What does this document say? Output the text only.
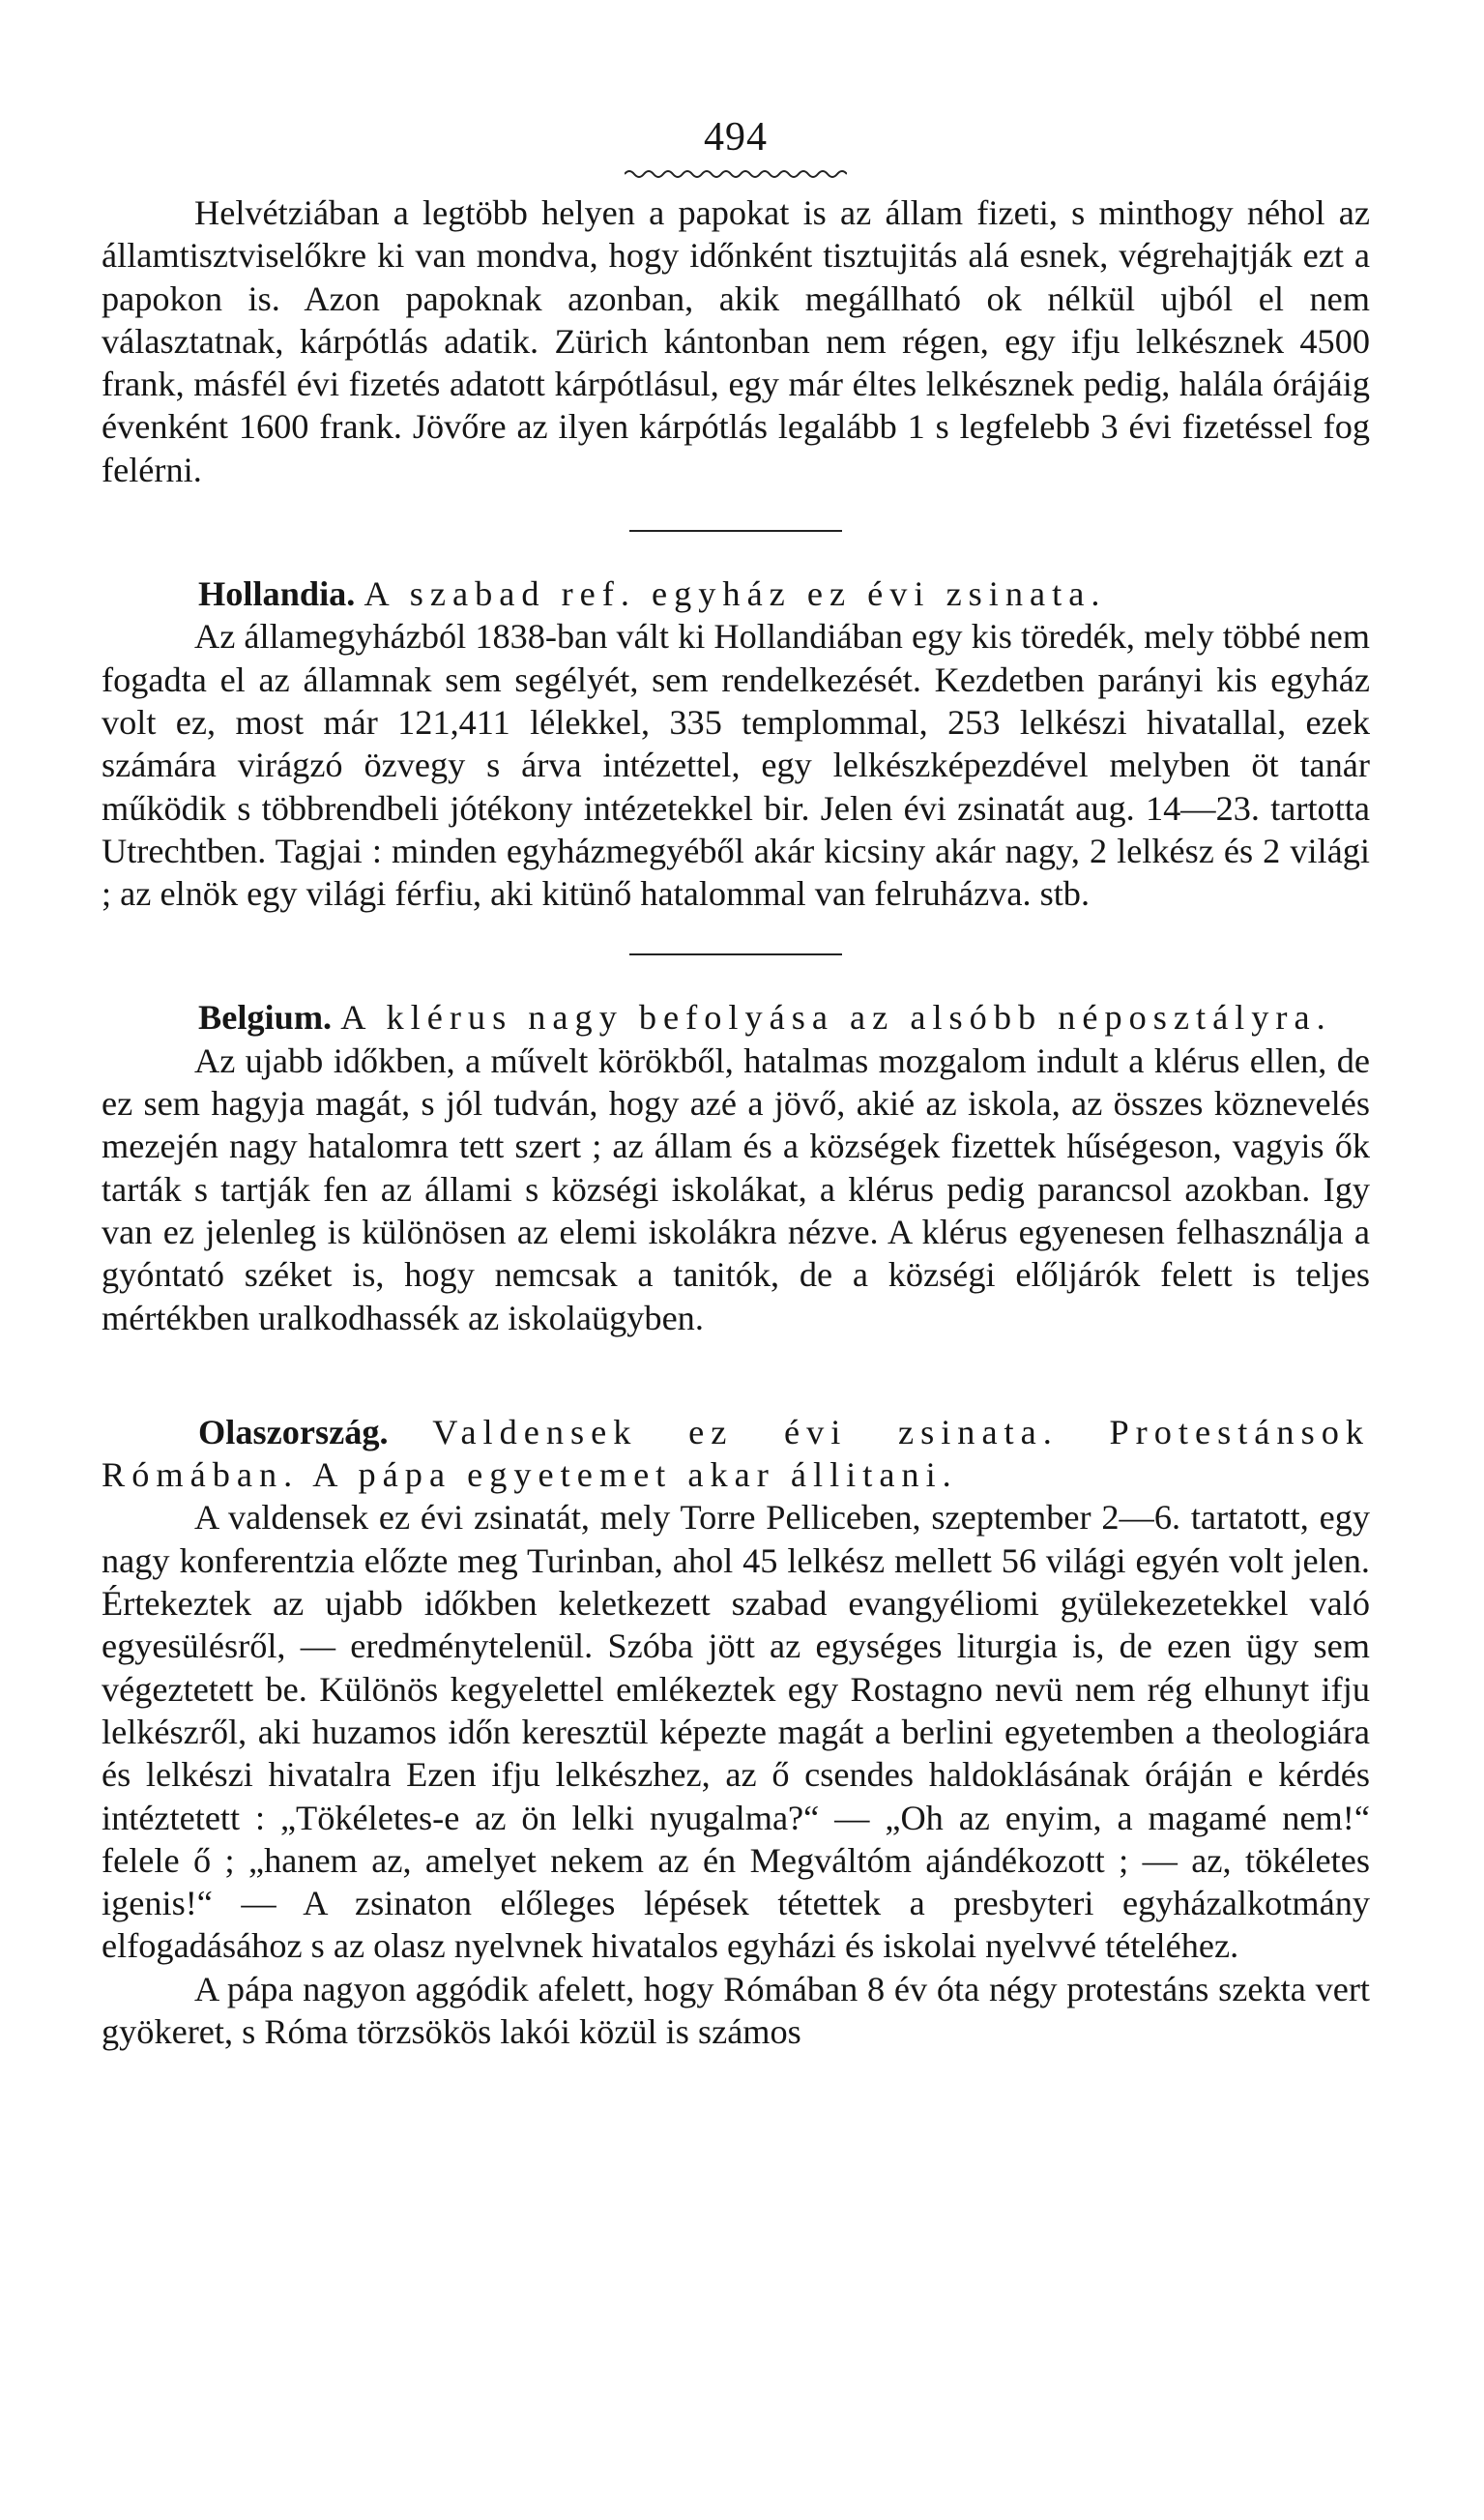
494

Helvétziában a legtöbb helyen a papokat is az állam fizeti, s minthogy néhol az államtisztviselőkre ki van mondva, hogy időnként tisztujitás alá esnek, végrehajtják ezt a papokon is. Azon papoknak azonban, akik megállható ok nélkül ujból el nem választatnak, kárpótlás adatik. Zürich kántonban nem régen, egy ifju lelkésznek 4500 frank, másfél évi fizetés adatott kárpótlásul, egy már éltes lelkésznek pedig, halála órájáig évenként 1600 frank. Jövőre az ilyen kárpótlás legalább 1 s legfelebb 3 évi fizetéssel fog felérni.

Hollandia. A szabad ref. egyház ez évi zsinata.

Az államegyházból 1838-ban vált ki Hollandiában egy kis töredék, mely többé nem fogadta el az államnak sem segélyét, sem rendelkezését. Kezdetben parányi kis egyház volt ez, most már 121,411 lélekkel, 335 templommal, 253 lelkészi hivatallal, ezek számára virágzó özvegy s árva intézettel, egy lelkészképezdével melyben öt tanár működik s többrendbeli jótékony intézetekkel bir. Jelen évi zsinatát aug. 14—23. tartotta Utrechtben. Tagjai : minden egyházmegyéből akár kicsiny akár nagy, 2 lelkész és 2 világi ; az elnök egy világi férfiu, aki kitünő hatalommal van felruházva. stb.

Belgium. A klérus nagy befolyása az alsóbb néposztályra.

Az ujabb időkben, a művelt körökből, hatalmas mozgalom indult a klérus ellen, de ez sem hagyja magát, s jól tudván, hogy azé a jövő, akié az iskola, az összes köznevelés mezején nagy hatalomra tett szert ; az állam és a községek fizettek hűségeson, vagyis ők tarták s tartják fen az állami s községi iskolákat, a klérus pedig parancsol azokban. Igy van ez jelenleg is különösen az elemi iskolákra nézve. A klérus egyenesen felhasználja a gyóntató széket is, hogy nemcsak a tanitók, de a községi előljárók felett is teljes mértékben uralkodhassék az iskolaügyben.

Olaszország. Valdensek ez évi zsinata. Protestánsok Rómában. A pápa egyetemet akar állitani.

A valdensek ez évi zsinatát, mely Torre Pelliceben, szeptember 2—6. tartatott, egy nagy konferentzia előzte meg Turinban, ahol 45 lelkész mellett 56 világi egyén volt jelen. Értekeztek az ujabb időkben keletkezett szabad evangyéliomi gyülekezetekkel való egyesülésről, — eredménytelenül. Szóba jött az egységes liturgia is, de ezen ügy sem végeztetett be. Különös kegyelettel emlékeztek egy Rostagno nevü nem rég elhunyt ifju lelkészről, aki huzamos időn keresztül képezte magát a berlini egyetemben a theologiára és lelkészi hivatalra Ezen ifju lelkészhez, az ő csendes haldoklásának óráján e kérdés intéztetett : „Tökéletes-e az ön lelki nyugalma?“ — „Oh az enyim, a magamé nem!“ felele ő ; „hanem az, amelyet nekem az én Megváltóm ajándékozott ; — az, tökéletes igenis!“ — A zsinaton előleges lépések tétettek a presbyteri egyházalkotmány elfogadásához s az olasz nyelvnek hivatalos egyházi és iskolai nyelvvé tételéhez.

A pápa nagyon aggódik afelett, hogy Rómában 8 év óta négy protestáns szekta vert gyökeret, s Róma törzsökös lakói közül is számos
